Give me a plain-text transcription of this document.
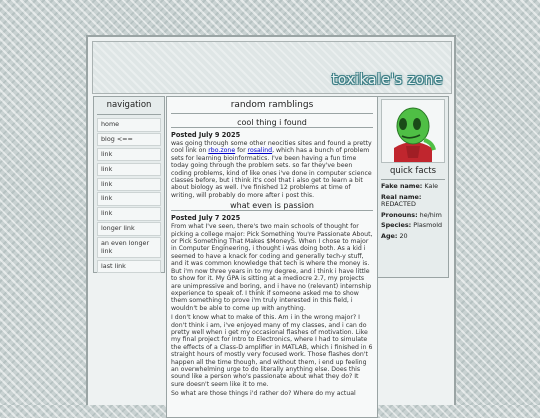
toxikale's zone
navigation
home
blog <==
link
link
link
link
link
longer link
an even longer link
last link
random ramblings
cool thing i found
Posted July 9 2025
was going through some other neocities sites and found a pretty cool link on rbo.zone for rosalind, which has a bunch of problem sets for learning bioinformatics. I've been having a fun time today going through the problem sets. so far they've been coding problems, kind of like ones i've done in computer science classes before, but i think it's cool that i also get to learn a bit about biology as well. I've finished 12 problems at time of writing, will probably do more after i post this.
what even is passion
Posted July 7 2025
From what I've seen, there's two main schools of thought for picking a college major: Pick Something You're Passionate About, or Pick Something That Makes $MoneyS. When I chose to major in Computer Engineering, i thought i was doing both. As a kid i seemed to have a knack for coding and generally tech-y stuff, and it was common knowledge that tech is where the money is. But i'm now three years in to my degree, and i think i have little to show for it. My GPA is sitting at a mediocre 2.7, my projects are unimpressive and boring, and i have no (relevant) internship experience to speak of. I think if someone asked me to show them something to prove i'm truly interested in this field, i wouldn't be able to come up with anything.
I don't know what to make of this. Am i in the wrong major? I don't think i am, i've enjoyed many of my classes, and i can do pretty well when i get my occasional flashes of motivation. Like my final project for Intro to Electronics, where I had to simulate the effects of a Class-D amplifier in MATLAB, which i finished in 6 straight hours of mostly very focused work. Those flashes don't happen all the time though, and without them, i end up feeling an overwhelming urge to do literally anything else. Does this sound like a person who's passionate about what they do? It sure doesn't seem like it to me.
So what are those things i'd rather do? Where do my actual
quick facts
Fake name: Kale
Real name:
REDACTED
Pronouns: he/him
Species: Plasmold
Age: 20
